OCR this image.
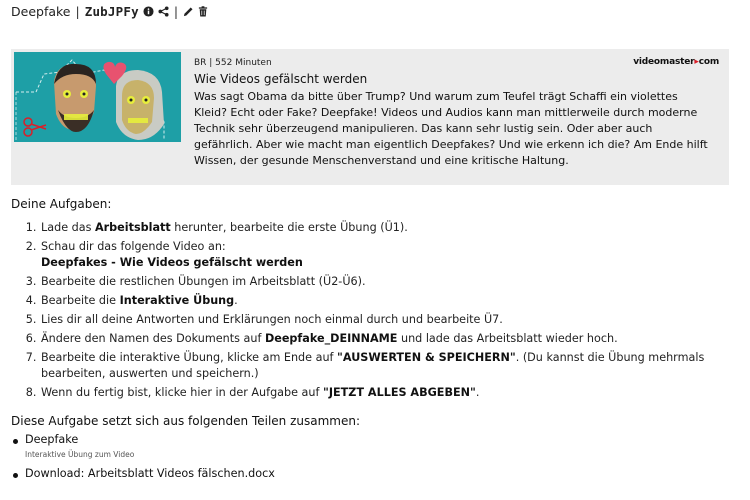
Deepfake | ZubJPFy	|
videomaster▸com
BR | 552 Minuten
Wie Videos gefälscht werden

Was sagt Obama da bitte über Trump? Und warum zum Teufel trägt Schaffi ein violettes Kleid? Echt oder Fake? Deepfake! Videos und Audios kann man mittlerweile durch moderne Technik sehr überzeugend manipulieren. Das kann sehr lustig sein. Oder aber auch gefährlich. Aber wie macht man eigentlich Deepfakes? Und wie erkenn ich die? Am Ende hilft Wissen, der gesunde Menschenverstand und eine kritische Haltung.

Deine Aufgaben:
1. Lade das Arbeitsblatt herunter, bearbeite die erste Übung (Ü1).
2. Schau dir das folgende Video an:
Deepfakes - Wie Videos gefälscht werden
3. Bearbeite die restlichen Übungen im Arbeitsblatt (Ü2-Ü6).
4. Bearbeite die Interaktive Übung.
5. Lies dir all deine Antworten und Erklärungen noch einmal durch und bearbeite Ü7.
6. Ändere den Namen des Dokuments auf Deepfake_DEINNAME und lade das Arbeitsblatt wieder hoch.
7. Bearbeite die interaktive Übung, klicke am Ende auf "AUSWERTEN & SPEICHERN". (Du kannst die Übung mehrmals bearbeiten, auswerten und speichern.)
8. Wenn du fertig bist, klicke hier in der Aufgabe auf "JETZT ALLES ABGEBEN".
Diese Aufgabe setzt sich aus folgenden Teilen zusammen:
Deepfake
Interaktive Übung zum Video
Download: Arbeitsblatt Videos fälschen.docx
